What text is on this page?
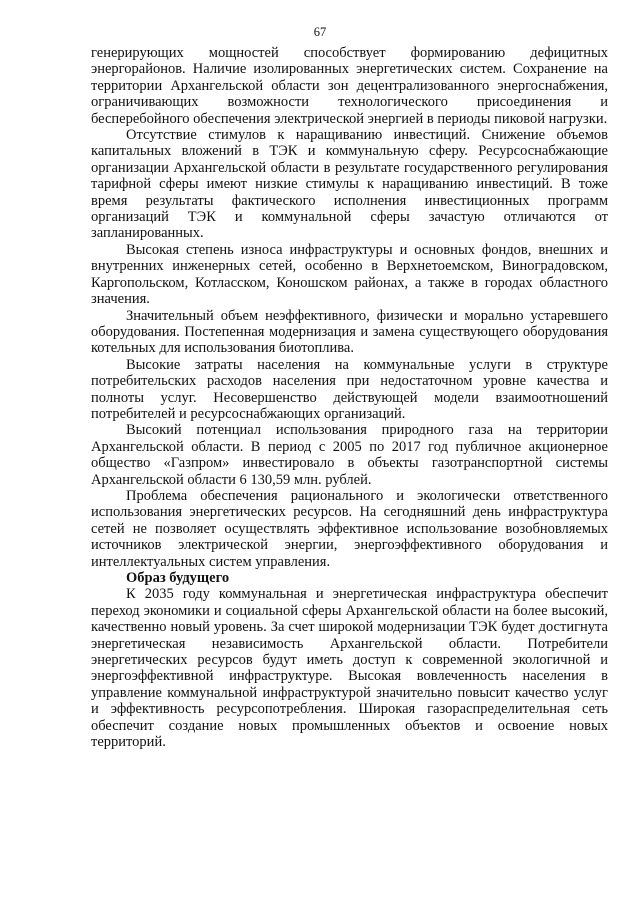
67

генерирующих мощностей способствует формированию дефицитных энергорайонов. Наличие изолированных энергетических систем. Сохранение на территории Архангельской области зон децентрализованного энергоснабжения, ограничивающих возможности технологического присоединения и бесперебойного обеспечения электрической энергией в периоды пиковой нагрузки.

Отсутствие стимулов к наращиванию инвестиций. Снижение объемов капитальных вложений в ТЭК и коммунальную сферу. Ресурсоснабжающие организации Архангельской области в результате государственного регулирования тарифной сферы имеют низкие стимулы к наращиванию инвестиций. В тоже время результаты фактического исполнения инвестиционных программ организаций ТЭК и коммунальной сферы зачастую отличаются от запланированных.

Высокая степень износа инфраструктуры и основных фондов, внешних и внутренних инженерных сетей, особенно в Верхнетоемском, Виноградовском, Каргопольском, Котласском, Коношском районах, а также в городах областного значения.

Значительный объем неэффективного, физически и морально устаревшего оборудования. Постепенная модернизация и замена существующего оборудования котельных для использования биотоплива.

Высокие затраты населения на коммунальные услуги в структуре потребительских расходов населения при недостаточном уровне качества и полноты услуг. Несовершенство действующей модели взаимоотношений потребителей и ресурсоснабжающих организаций.

Высокий потенциал использования природного газа на территории Архангельской области. В период с 2005 по 2017 год публичное акционерное общество «Газпром» инвестировало в объекты газотранспортной системы Архангельской области 6 130,59 млн. рублей.

Проблема обеспечения рационального и экологически ответственного использования энергетических ресурсов. На сегодняшний день инфраструктура сетей не позволяет осуществлять эффективное использование возобновляемых источников электрической энергии, энергоэффективного оборудования и интеллектуальных систем управления.

Образ будущего

К 2035 году коммунальная и энергетическая инфраструктура обеспечит переход экономики и социальной сферы Архангельской области на более высокий, качественно новый уровень. За счет широкой модернизации ТЭК будет достигнута энергетическая независимость Архангельской области. Потребители энергетических ресурсов будут иметь доступ к современной экологичной и энергоэффективной инфраструктуре. Высокая вовлеченность населения в управление коммунальной инфраструктурой значительно повысит качество услуг и эффективность ресурсопотребления. Широкая газораспределительная сеть обеспечит создание новых промышленных объектов и освоение новых территорий.
